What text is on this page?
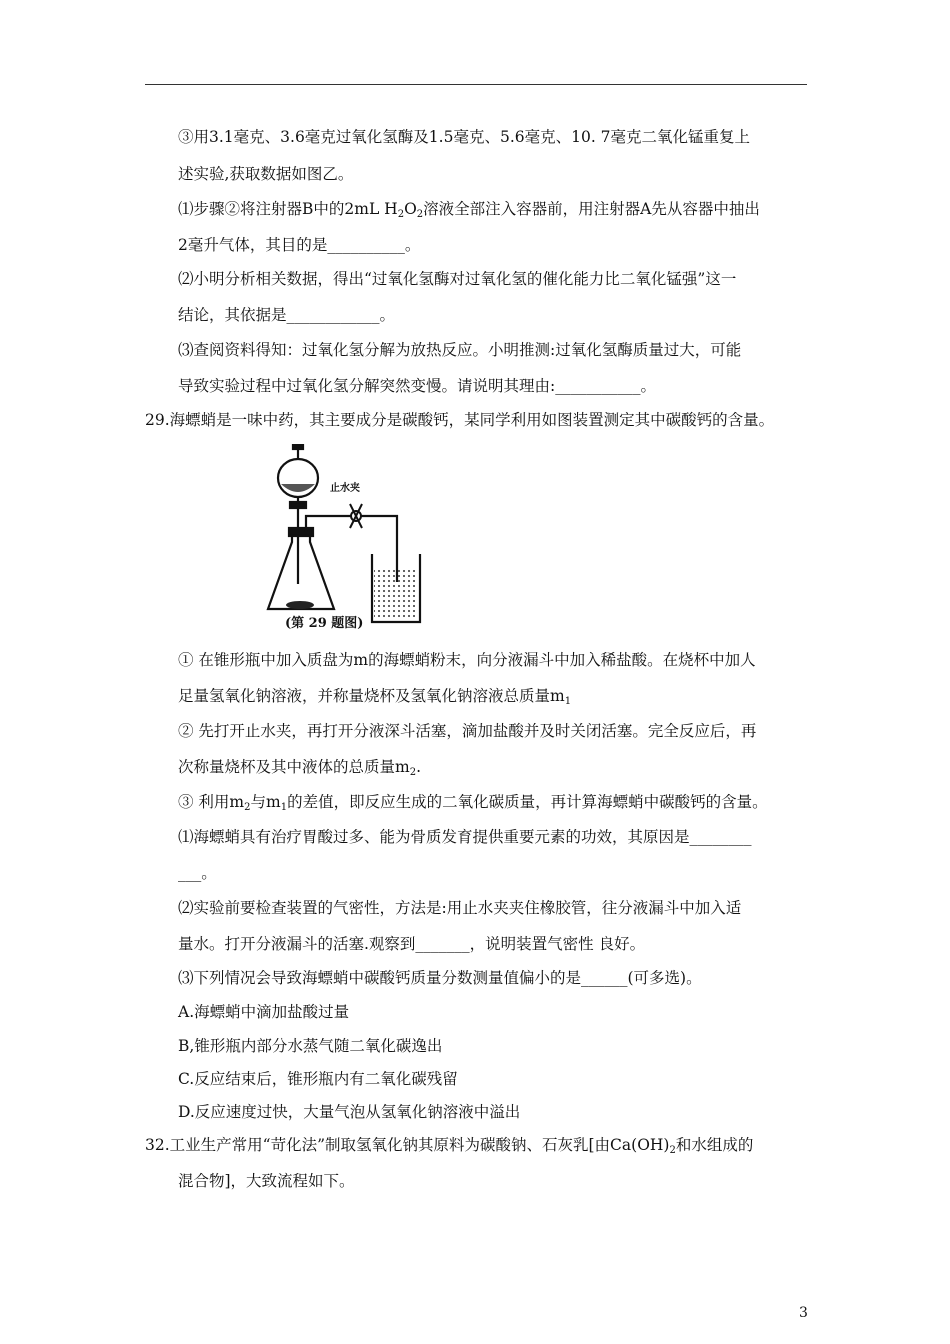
③用3.1毫克、3.6毫克过氧化氢酶及1.5毫克、5.6毫克、10. 7毫克二氧化锰重复上
述实验,获取数据如图乙。
⑴步骤②将注射器B中的2mL $H_2O_2$溶液全部注入容器前，用注射器A先从容器中抽出
2毫升气体，其目的是__________。
⑵小明分析相关数据，得出“过氧化氢酶对过氧化氢的催化能力比二氧化锰强”这一
结论，其依据是____________。
⑶查阅资料得知：过氧化氢分解为放热反应。小明推测:过氧化氢酶质量过大，可能
导致实验过程中过氧化氢分解突然变慢。请说明其理由:___________。
29.海螵蛸是一味中药，其主要成分是碳酸钙，某同学利用如图装置测定其中碳酸钙的含量。
止水夹
(第 29 题图)
① 在锥形瓶中加入质盘为m的海螵蛸粉末，向分液漏斗中加入稀盐酸。在烧杯中加人
足量氢氧化钠溶液，并称量烧杯及氢氧化钠溶液总质量$m_1$
② 先打开止水夹，再打开分液深斗活塞，滴加盐酸并及时关闭活塞。完全反应后，再
次称量烧杯及其中液体的总质量$m_2$.
③ 利用$m_2$与$m_1$的差值，即反应生成的二氧化碳质量，再计算海螵蛸中碳酸钙的含量。
⑴海螵蛸具有治疗胃酸过多、能为骨质发育提供重要元素的功效，其原因是________
___。
⑵实验前要检查装置的气密性，方法是:用止水夹夹住橡胶管，往分液漏斗中加入适
量水。打开分液漏斗的活塞.观察到_______，说明装置气密性 良好。
⑶下列情况会导致海螵蛸中碳酸钙质量分数测量值偏小的是______(可多选)。
A.海螵蛸中滴加盐酸过量
B,锥形瓶内部分水蒸气随二氧化碳逸出
C.反应结束后，锥形瓶内有二氧化碳残留
D.反应速度过快，大量气泡从氢氧化钠溶液中溢出
32.工业生产常用“苛化法”制取氢氧化钠其原料为碳酸钠、石灰乳[由$Ca(OH)_2$和水组成的
混合物]，大致流程如下。
3
